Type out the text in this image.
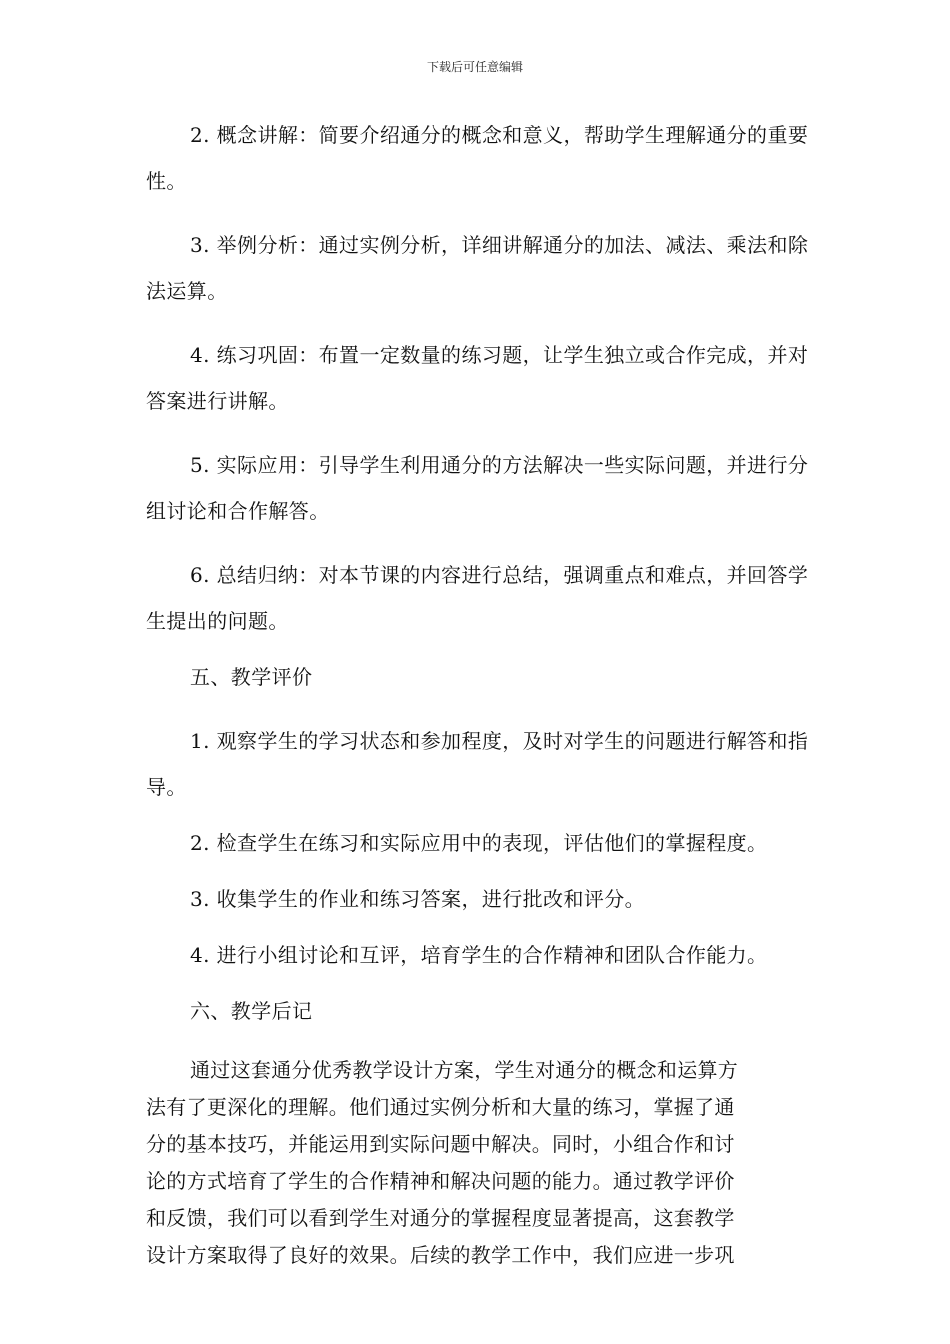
下载后可任意编辑

2. 概念讲解：简要介绍通分的概念和意义，帮助学生理解通分的重要性。

3. 举例分析：通过实例分析，详细讲解通分的加法、减法、乘法和除法运算。

4. 练习巩固：布置一定数量的练习题，让学生独立或合作完成，并对答案进行讲解。

5. 实际应用：引导学生利用通分的方法解决一些实际问题，并进行分组讨论和合作解答。

6. 总结归纳：对本节课的内容进行总结，强调重点和难点，并回答学生提出的问题。

五、教学评价

1. 观察学生的学习状态和参加程度，及时对学生的问题进行解答和指导。

2. 检查学生在练习和实际应用中的表现，评估他们的掌握程度。

3. 收集学生的作业和练习答案，进行批改和评分。

4. 进行小组讨论和互评，培育学生的合作精神和团队合作能力。

六、教学后记

通过这套通分优秀教学设计方案，学生对通分的概念和运算方

法有了更深化的理解。他们通过实例分析和大量的练习，掌握了通

分的基本技巧，并能运用到实际问题中解决。同时，小组合作和讨

论的方式培育了学生的合作精神和解决问题的能力。通过教学评价

和反馈，我们可以看到学生对通分的掌握程度显著提高，这套教学

设计方案取得了良好的效果。后续的教学工作中，我们应进一步巩
